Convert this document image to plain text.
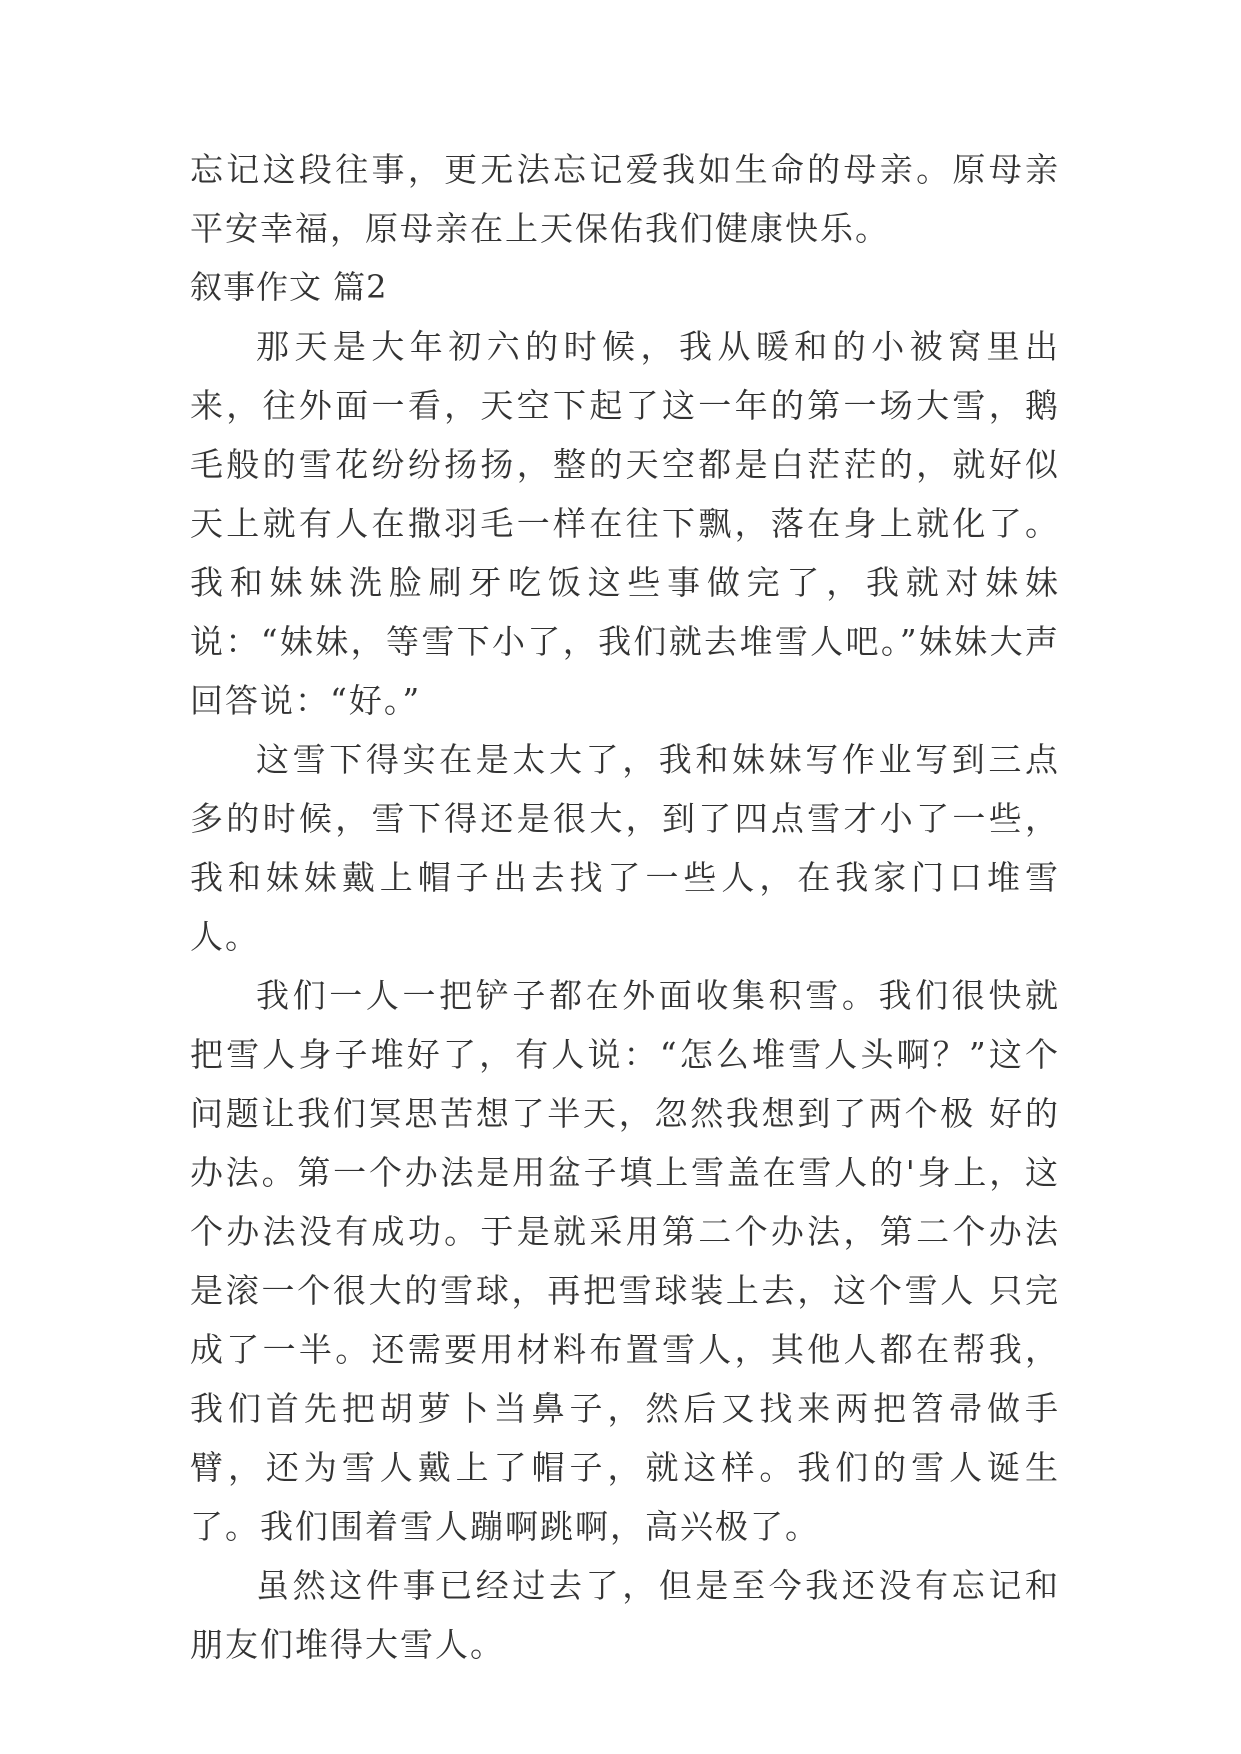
忘记这段往事，更无法忘记爱我如生命的母亲。原母亲平安幸福，原母亲在上天保佑我们健康快乐。

叙事作文 篇2

那天是大年初六的时候，我从暖和的小被窝里出来，往外面一看，天空下起了这一年的第一场大雪，鹅毛般的雪花纷纷扬扬，整的天空都是白茫茫的，就好似 天上就有人在撒羽毛一样在往下飘，落在身上就化了。我和妹妹洗脸刷牙吃饭这些事做完了，我就对妹妹说：“妹妹，等雪下小了，我们就去堆雪人吧。”妹妹大声 回答说：“好。”

这雪下得实在是太大了，我和妹妹写作业写到三点多的时候，雪下得还是很大，到了四点雪才小了一些，我和妹妹戴上帽子出去找了一些人，在我家门口堆雪人。

我们一人一把铲子都在外面收集积雪。我们很快就把雪人身子堆好了，有人说：“怎么堆雪人头啊？”这个问题让我们冥思苦想了半天，忽然我想到了两个极 好的办法。第一个办法是用盆子填上雪盖在雪人的'身上，这个办法没有成功。于是就采用第二个办法，第二个办法是滚一个很大的雪球，再把雪球装上去，这个雪人 只完成了一半。还需要用材料布置雪人，其他人都在帮我，我们首先把胡萝卜当鼻子，然后又找来两把笤帚做手臂，还为雪人戴上了帽子，就这样。我们的雪人诞生 了。我们围着雪人蹦啊跳啊，高兴极了。

虽然这件事已经过去了，但是至今我还没有忘记和朋友们堆得大雪人。
